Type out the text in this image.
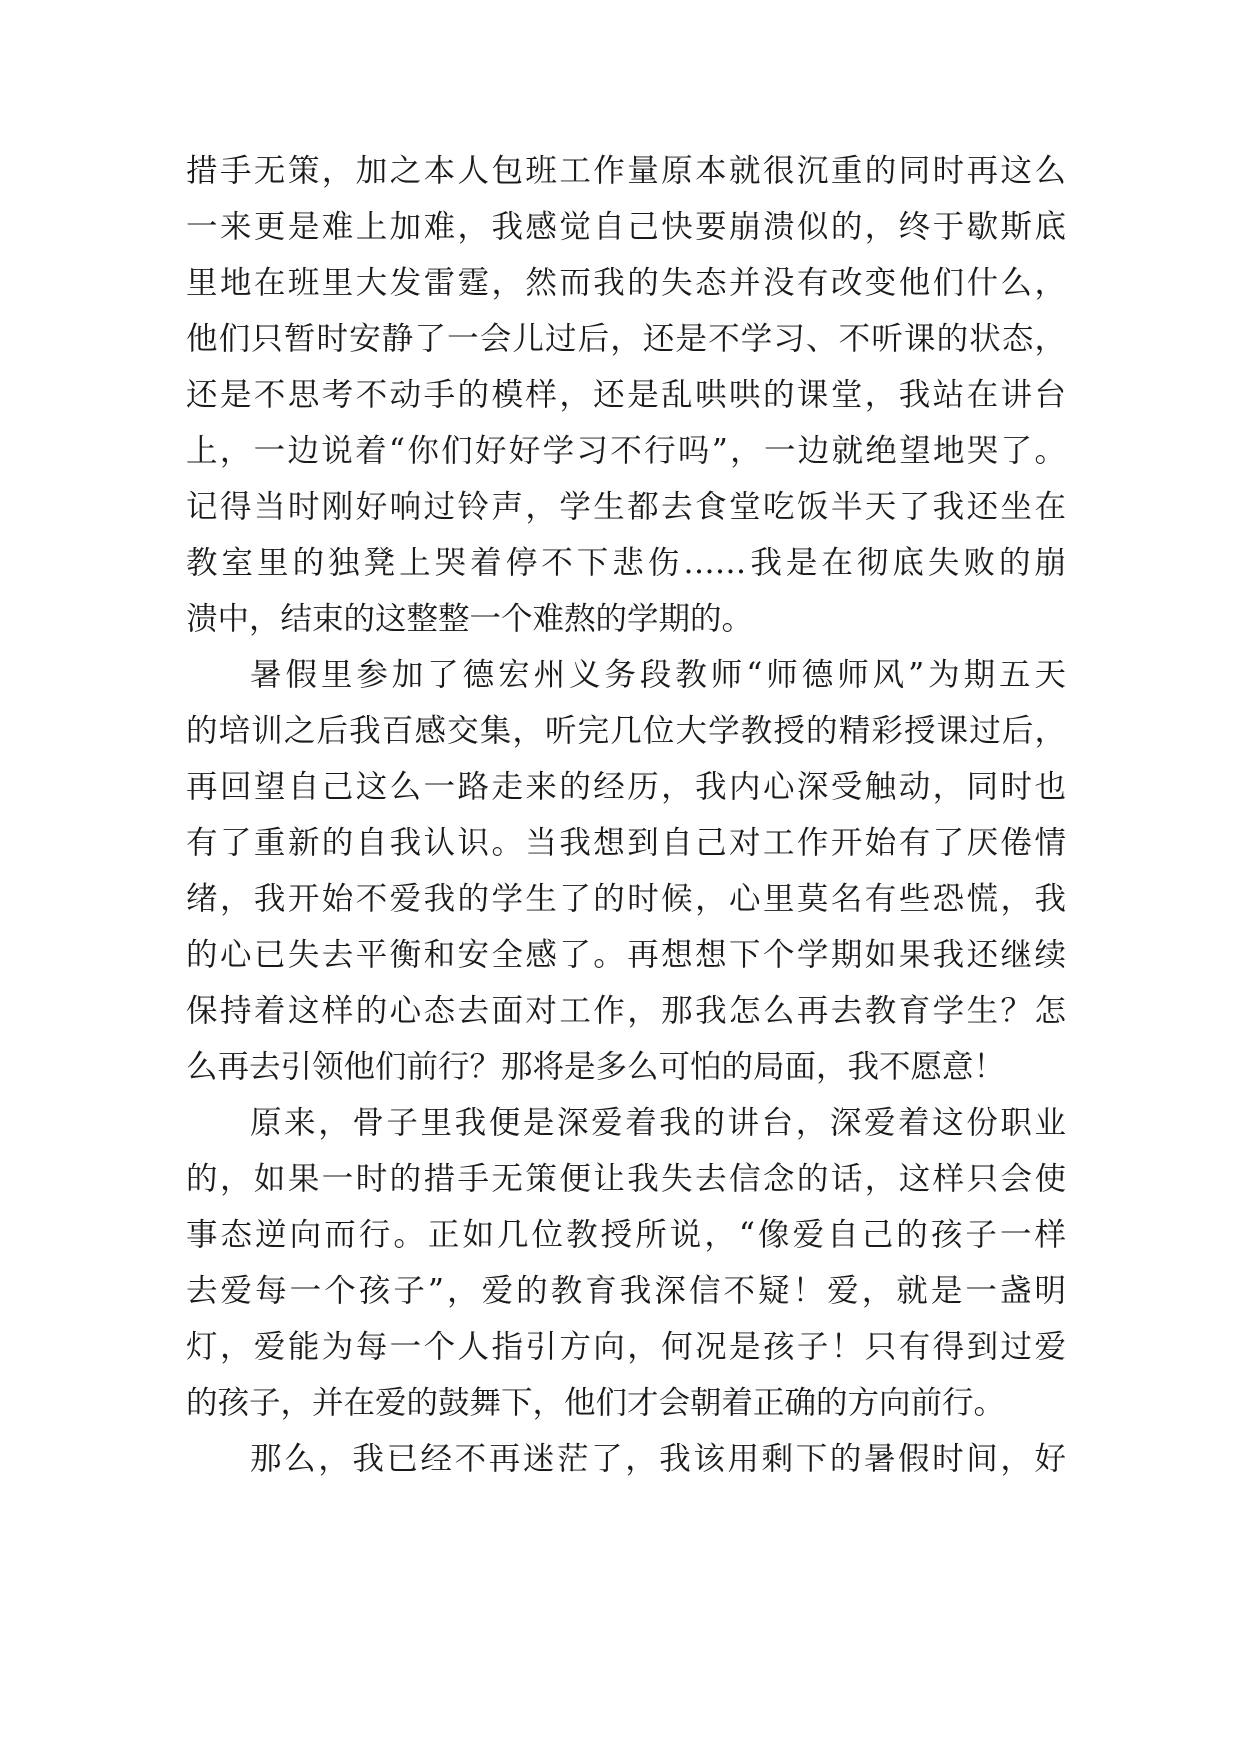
措手无策，加之本人包班工作量原本就很沉重的同时再这么
一来更是难上加难，我感觉自己快要崩溃似的，终于歇斯底
里地在班里大发雷霆，然而我的失态并没有改变他们什么，
他们只暂时安静了一会儿过后，还是不学习、不听课的状态，
还是不思考不动手的模样，还是乱哄哄的课堂，我站在讲台
上，一边说着“你们好好学习不行吗”，一边就绝望地哭了。
记得当时刚好响过铃声，学生都去食堂吃饭半天了我还坐在
教室里的独凳上哭着停不下悲伤……我是在彻底失败的崩
溃中，结束的这整整一个难熬的学期的。
暑假里参加了德宏州义务段教师“师德师风”为期五天
的培训之后我百感交集，听完几位大学教授的精彩授课过后，
再回望自己这么一路走来的经历，我内心深受触动，同时也
有了重新的自我认识。当我想到自己对工作开始有了厌倦情
绪，我开始不爱我的学生了的时候，心里莫名有些恐慌，我
的心已失去平衡和安全感了。再想想下个学期如果我还继续
保持着这样的心态去面对工作，那我怎么再去教育学生？怎
么再去引领他们前行？那将是多么可怕的局面，我不愿意！
原来，骨子里我便是深爱着我的讲台，深爱着这份职业
的，如果一时的措手无策便让我失去信念的话，这样只会使
事态逆向而行。正如几位教授所说，“像爱自己的孩子一样
去爱每一个孩子”，爱的教育我深信不疑！爱，就是一盏明
灯，爱能为每一个人指引方向，何况是孩子！只有得到过爱
的孩子，并在爱的鼓舞下，他们才会朝着正确的方向前行。
那么，我已经不再迷茫了，我该用剩下的暑假时间，好
